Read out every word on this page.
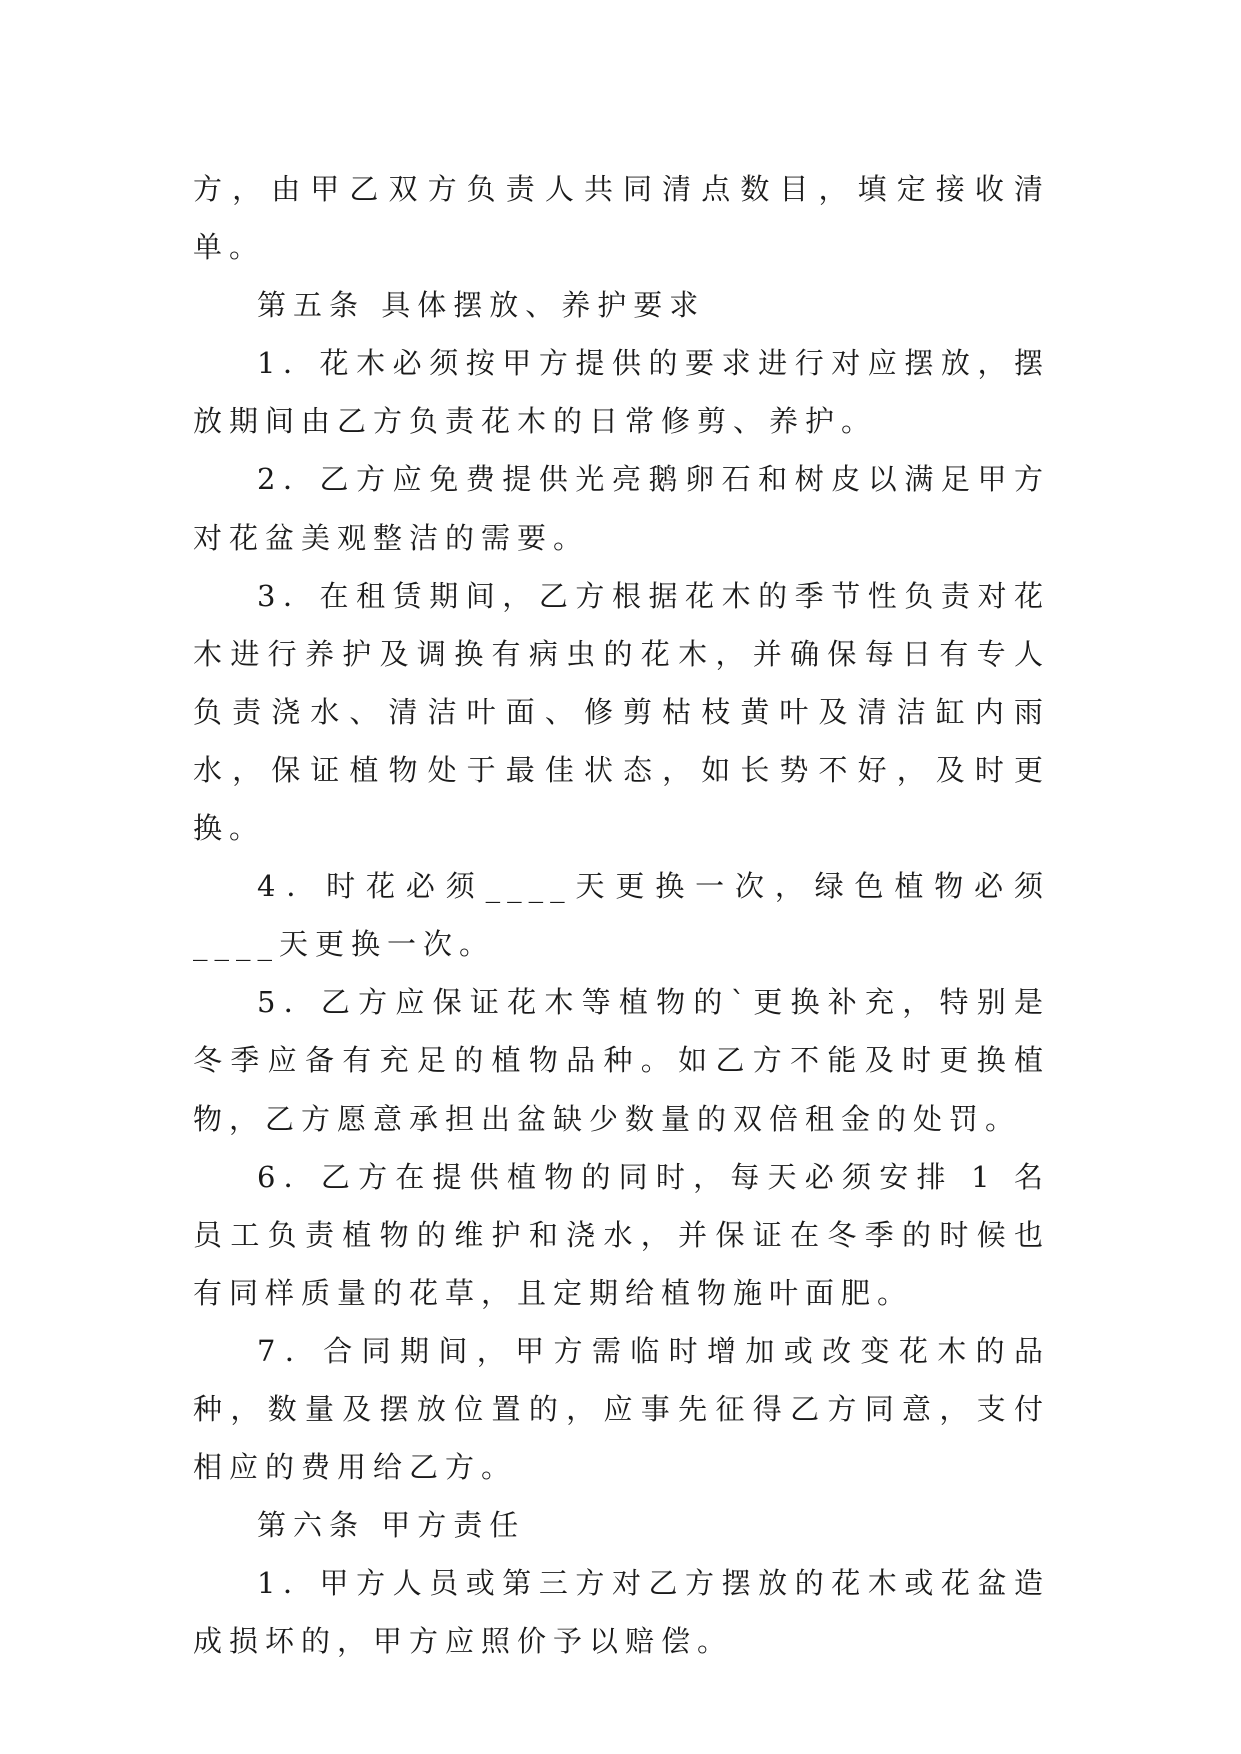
方，由甲乙双方负责人共同清点数目，填定接收清单。

第五条 具体摆放、养护要求

1．花木必须按甲方提供的要求进行对应摆放，摆放期间由乙方负责花木的日常修剪、养护。

2．乙方应免费提供光亮鹅卵石和树皮以满足甲方对花盆美观整洁的需要。

3．在租赁期间，乙方根据花木的季节性负责对花木进行养护及调换有病虫的花木，并确保每日有专人负责浇水、清洁叶面、修剪枯枝黄叶及清洁缸内雨水，保证植物处于最佳状态，如长势不好，及时更换。

4．时花必须____天更换一次，绿色植物必须____天更换一次。

5．乙方应保证花木等植物的`更换补充，特别是冬季应备有充足的植物品种。如乙方不能及时更换植物，乙方愿意承担出盆缺少数量的双倍租金的处罚。

6．乙方在提供植物的同时，每天必须安排 1 名员工负责植物的维护和浇水，并保证在冬季的时候也有同样质量的花草，且定期给植物施叶面肥。

7．合同期间，甲方需临时增加或改变花木的品种，数量及摆放位置的，应事先征得乙方同意，支付相应的费用给乙方。

第六条 甲方责任

1．甲方人员或第三方对乙方摆放的花木或花盆造成损坏的，甲方应照价予以赔偿。
